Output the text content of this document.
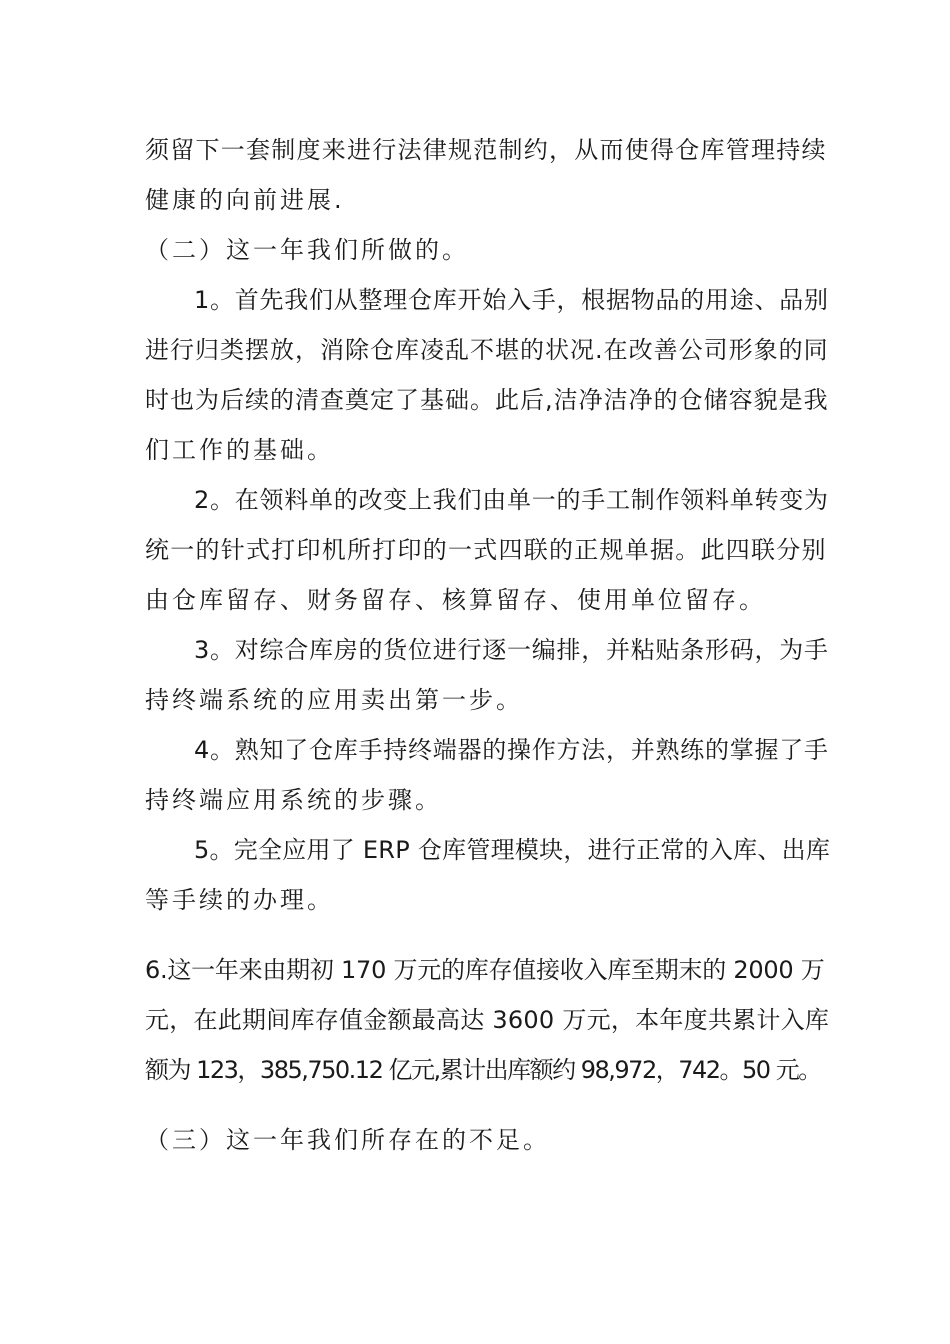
须留下一套制度来进行法律规范制约，从而使得仓库管理持续
健康的向前进展.
（二）这一年我们所做的。
1。首先我们从整理仓库开始入手，根据物品的用途、品别
进行归类摆放，消除仓库凌乱不堪的状况.在改善公司形象的同
时也为后续的清查奠定了基础。此后,洁净洁净的仓储容貌是我
们工作的基础。
2。在领料单的改变上我们由单一的手工制作领料单转变为
统一的针式打印机所打印的一式四联的正规单据。此四联分别
由仓库留存、财务留存、核算留存、使用单位留存。
3。对综合库房的货位进行逐一编排，并粘贴条形码，为手
持终端系统的应用卖出第一步。
4。熟知了仓库手持终端器的操作方法，并熟练的掌握了手
持终端应用系统的步骤。
5。完全应用了 ERP 仓库管理模块，进行正常的入库、出库
等手续的办理。
6.这一年来由期初 170 万元的库存值接收入库至期末的 2000 万
元，在此期间库存值金额最高达 3600 万元，本年度共累计入库
额为 123，385,750.12 亿元,累计出库额约 98,972，742。50 元。
（三）这一年我们所存在的不足。
